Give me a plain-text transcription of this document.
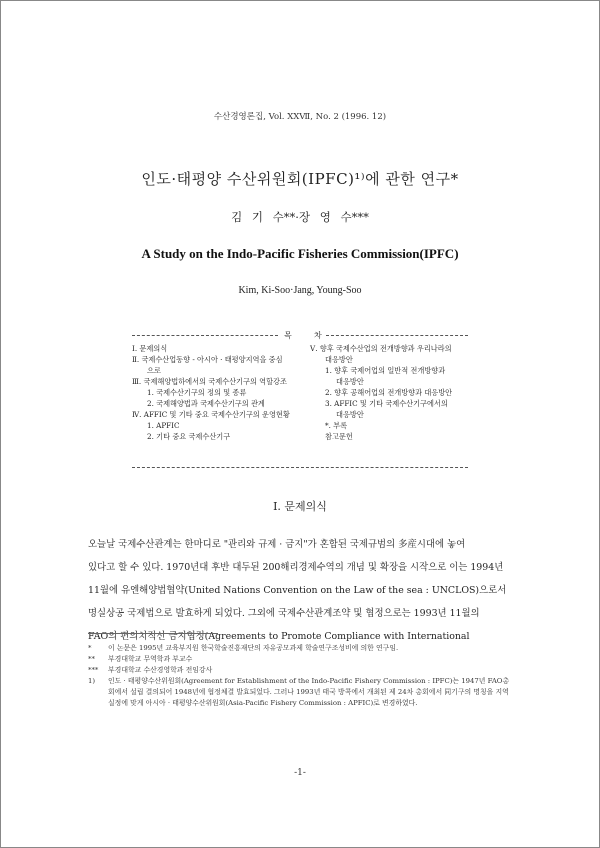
수산경영론집, Vol. XXⅦ, No. 2 (1996. 12)
인도·태평양 수산위원회(IPFC)¹⁾에 관한 연구*
김 기 수**·장 영 수***
A Study on the Indo-Pacific Fisheries Commission(IPFC)
Kim, Ki-Soo·Jang, Young-Soo
목	차
Ⅰ. 문제의식
Ⅱ. 국제수산업동향 - 아시아 · 태평양지역을 중심
으로
Ⅲ. 국제해양법하에서의 국제수산기구의 역할강조
1. 국제수산기구의 정의 및 종류
2. 국제해양법과 국제수산기구의 관계
Ⅳ. AFFIC 및 기타 중요 국제수산기구의 운영현황
1. APFIC
2. 기타 중요 국제수산기구
Ⅴ. 향후 국제수산업의 전개방향과 우리나라의
대응방안
1. 향후 국제어업의 일반적 전개방향과
대응방안
2. 향후 공해어업의 전개방향과 대응방안
3. AFFIC 및 기타 국제수산기구에서의
대응방안
*. 부록
참고문헌
Ⅰ. 문제의식
오늘날 국제수산관계는 한마디로 "관리와 규제 · 금지"가 혼합된 국제규범의 多産시대에 놓여
있다고 할 수 있다. 1970년대 후반 대두된 200해리경제수역의 개념 및 확장을 시작으로 이는 1994년
11월에 유엔해양법협약(United Nations Convention on the Law of the sea : UNCLOS)으로서
명실상공 국제법으로 발효하게 되었다. 그외에 국제수산관계조약 및 협정으로는 1993년 11월의
FAO의 편의치적선 금지협정(Agreements to Promote Compliance with International
*	이 논문은 1995년 교육부지원 한국학술진흥재단의 자유공모과제 학술연구조성비에 의한 연구임.
**	부경대학교 무역학과 부교수
***	부경대학교 수산경영학과 전임강사
1)	인도 · 태평양수산위원회(Agreement for Establishment of the Indo-Pacific Fishery Commission : IPFC)는 1947년 FAO총회에서 설립 결의되어 1948년에 협정체결 발효되었다. 그러나 1993년 태국 방콕에서 개최된 제 24차 총회에서 同기구의 명칭을 지역실정에 맞게 아시아 · 태평양수산위원회(Asia-Pacific Fishery Commission : APFIC)로 변경하였다.
-1-
